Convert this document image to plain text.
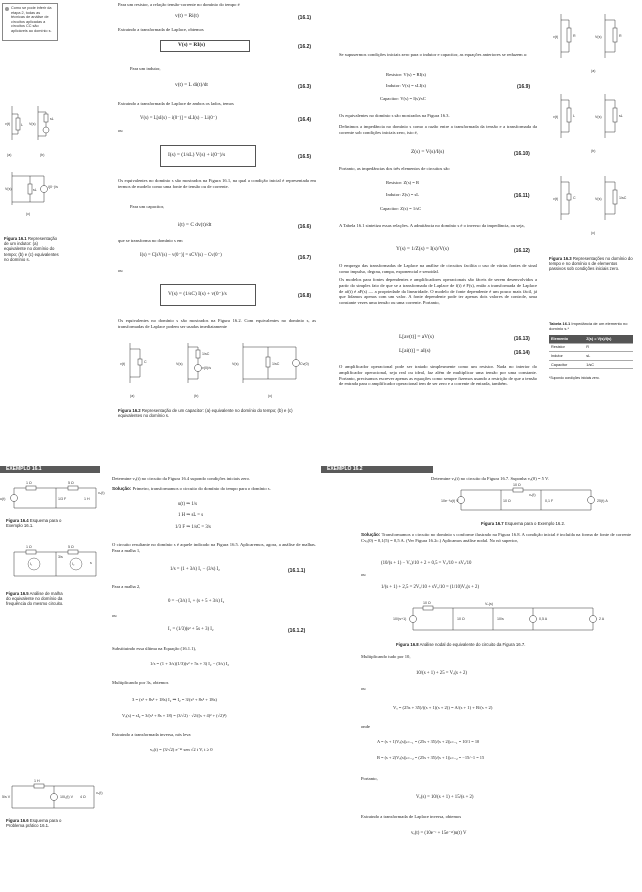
Como se pode inferir da etapa 2, todas as técnicas de análise de circuitos aplicadas a circuitos CC são aplicáveis ao domínio s.
v(t)	L
(a)
V(s)
sL
(b)
V(s)	sL
i(0⁻)/s
(c)
Figura 16.1 Representação de um indutor: (a) equivalente no domínio do tempo; (b) e (c) equivalentes no domínio s.
Para um resistor, a relação tensão-corrente no domínio do tempo é
v(t) = Ri(t)	(16.1)
Extraindo a transformada de Laplace, obtemos
V(s) = RI(s)	(16.2)
Para um indutor,
v(t) = L di(t)/dt	(16.3)
Extraindo a transformada de Laplace de ambos os lados, temos
V(s) = L[sI(s) − i(0⁻)] = sLI(s) − Li(0⁻)	(16.4)
ou
I(s) = (1/sL) V(s) + i(0⁻)/s	(16.5)
Os equivalentes no domínio s são mostrados na Figura 16.1, na qual a condição inicial é representada em termos de modelo como uma fonte de tensão ou de corrente.
Para um capacitor,
i(t) = C dv(t)/dt	(16.6)
que se transforma no domínio s em
I(s) = C[sV(s) − v(0⁻)] = sCV(s) − Cv(0⁻)	(16.7)
ou
V(s) = (1/sC) I(s) + v(0⁻)/s	(16.8)
Os equivalentes no domínio s são mostrados na Figura 16.2. Com equivalentes no domínio s, as transformadas de Laplace podem ser usadas imediatamente
v(t)	C
(a)
V(s)
1/sC
v(0)/s
(b)
V(s)	1/sC	Cv(0)
(c)
Figura 16.2 Representação de um capacitor: (a) equivalente no domínio do tempo; (b) e (c) equivalentes no domínio s.
Se supusermos condições iniciais zero para o indutor e capacitor, as equações anteriores se reduzem a:
Resistor: V(s) = RI(s)
Indutor: V(s) = sLI(s)
Capacitor: V(s) = I(s)/sC
(16.9)
Os equivalentes no domínio s são mostrados na Figura 16.3.
Definimos a impedância no domínio s como a razão entre a transformada da tensão e a transformada da corrente sob condições iniciais zero, isto é,
Z(s) = V(s)/I(s)	(16.10)
Portanto, as impedâncias dos três elementos de circuitos são
Resistor: Z(s) = R
Indutor: Z(s) = sL
Capacitor: Z(s) = 1/sC
(16.11)
A Tabela 16.1 sintetiza essas relações. A admitância no domínio s é o inverso da impedância, ou seja,
Y(s) = 1/Z(s) = I(s)/V(s)	(16.12)
O emprego das transformadas de Laplace na análise de circuitos facilita o uso de várias fontes de sinal como impulso, degrau, rampa, exponencial e senoidal.
Os modelos para fontes dependentes e amplificadores operacionais são fáceis de serem desenvolvidos a partir do simples fato de que se a transformada de Laplace de f(t) é F(s), então a transformada de Laplace de af(t) é aF(s) — a propriedade da linearidade. O modelo de fonte dependente é um pouco mais fácil, já que lidamos apenas com um valor. A fonte dependente pode ter apenas dois valores de controle, uma constante vezes uma tensão ou uma corrente. Portanto,
L[av(t)] = aV(s)	(16.13)
L[ai(t)] = aI(s)	(16.14)
O amplificador operacional pode ser tratado simplesmente como um resistor. Nada no interior do amplificador operacional, seja real ou ideal, faz além de multiplicar uma tensão por uma constante. Portanto, precisamos escrever apenas as equações como sempre fizemos usando a restrição de que a tensão de entrada para o amplificador operacional tem de ser zero e a corrente de entrada, também.
v(t)	R
(a)
V(s)	R
v(t)	L
(b)
V(s)	sL
v(t)	C
(c)
V(s)	1/sC
Figura 16.3 Representações no domínio do tempo e no domínio s de elementos passivos sob condições iniciais zero.
Tabela 16.1 Impedância de um elemento no domínio s.*
Elemento	Z(s) = V(s)/I(s)
Resistor	R
Indutor	sL
Capacitor	1/sC
*Supondo condições iniciais zero.
EXEMPLO 16.1
1 Ω	5 Ω
u(t)	1/3 F	1 H
vₒ(t)
Figura 16.4 Esquema para o Exemplo 16.1.
1 Ω	5 Ω
I₁	I₂
3/s
s
Figura 16.5 Análise de malha do equivalente no domínio da frequência do mesmo circuito.
1 H
5/s V	10I₁(t) V 4 Ω
vₒ(t)
Figura 16.6 Esquema para o Problema prático 16.1.
Determine vₒ(t) no circuito da Figura 16.4 supondo condições iniciais zero.
Solução: Primeiro, transformamos o circuito do domínio do tempo para o domínio s.
u(t) ⇒ 1/s
1 H ⇒ sL = s
1/3 F ⇒ 1/sC = 3/s
O circuito resultante no domínio s é aquele indicado na Figura 16.5. Aplicaremos, agora, a análise de malhas. Para a malha 1,
1/s = (1 + 3/s) I₁ − (3/s) I₂	(16.1.1)
Para a malha 2,
0 = −(3/s) I₁ + (s + 5 + 3/s) I₂
ou
I₁ = (1/3)(s² + 5s + 3) I₂	(16.1.2)
Substituindo essa última na Equação (16.1.1),
1/s = (1 + 3/s)(1/3)(s² + 5s + 3) I₂ − (3/s) I₂
Multiplicando por 3s, obtemos
3 = (s³ + 8s² + 18s) I₂ ⇒ I₂ = 3/(s³ + 8s² + 18s)
Vₒ(s) = sI₂ = 3/(s² + 8s + 18) = (3/√2) · √2/((s + 4)² + (√2)²)
Extraindo a transformada inversa, nós leva
vₒ(t) = (3/√2) e⁻⁴ᵗ sen √2 t V, t ≥ 0
EXEMPLO 16.2
Determine vₒ(t) no circuito da Figura 16.7. Suponha vₒ(0) = 5 V.
10 Ω
10e⁻ᵗu(t) V	10 Ω	0,1 F	2δ(t) A
vₒ(t)
Figura 16.7 Esquema para o Exemplo 16.2.
Solução: Transformamos o circuito no domínio s conforme ilustrado na Figura 16.8. A condição inicial é incluída na forma de fonte de corrente Cvₒ(0) = 0,1(5) = 0,5 A. (Ver Figura 16.2c.) Aplicamos análise nodal. No nó superior,
(10/(s + 1) − Vₒ)/10 + 2 + 0,5 = Vₒ/10 + sVₒ/10
ou
1/(s + 1) + 2,5 = 2Vₒ/10 + sVₒ/10 = (1/10)Vₒ(s + 2)
10 Ω
10/(s+1)	10 Ω	10/s	0,5 A	2 A
Vₒ(s)
Figura 16.8 Análise nodal do equivalente do circuito da Figura 16.7.
Multiplicando tudo por 10,
10/(s + 1) + 25 = Vₒ(s + 2)
ou
Vₒ = (25s + 35)/((s + 1)(s + 2)) = A/(s + 1) + B/(s + 2)
onde
A = (s + 1)Vₒ(s)|ₛ₌₋₁ = (25s + 35)/(s + 2)|ₛ₌₋₁ = 10/1 = 10
B = (s + 2)Vₒ(s)|ₛ₌₋₂ = (25s + 35)/(s + 1)|ₛ₌₋₂ = −15/−1 = 15
Portanto,
Vₒ(s) = 10/(s + 1) + 15/(s + 2)
Extraindo a transformada de Laplace inversa, obtemos
vₒ(t) = (10e⁻ᵗ + 15e⁻²ᵗ)u(t) V
